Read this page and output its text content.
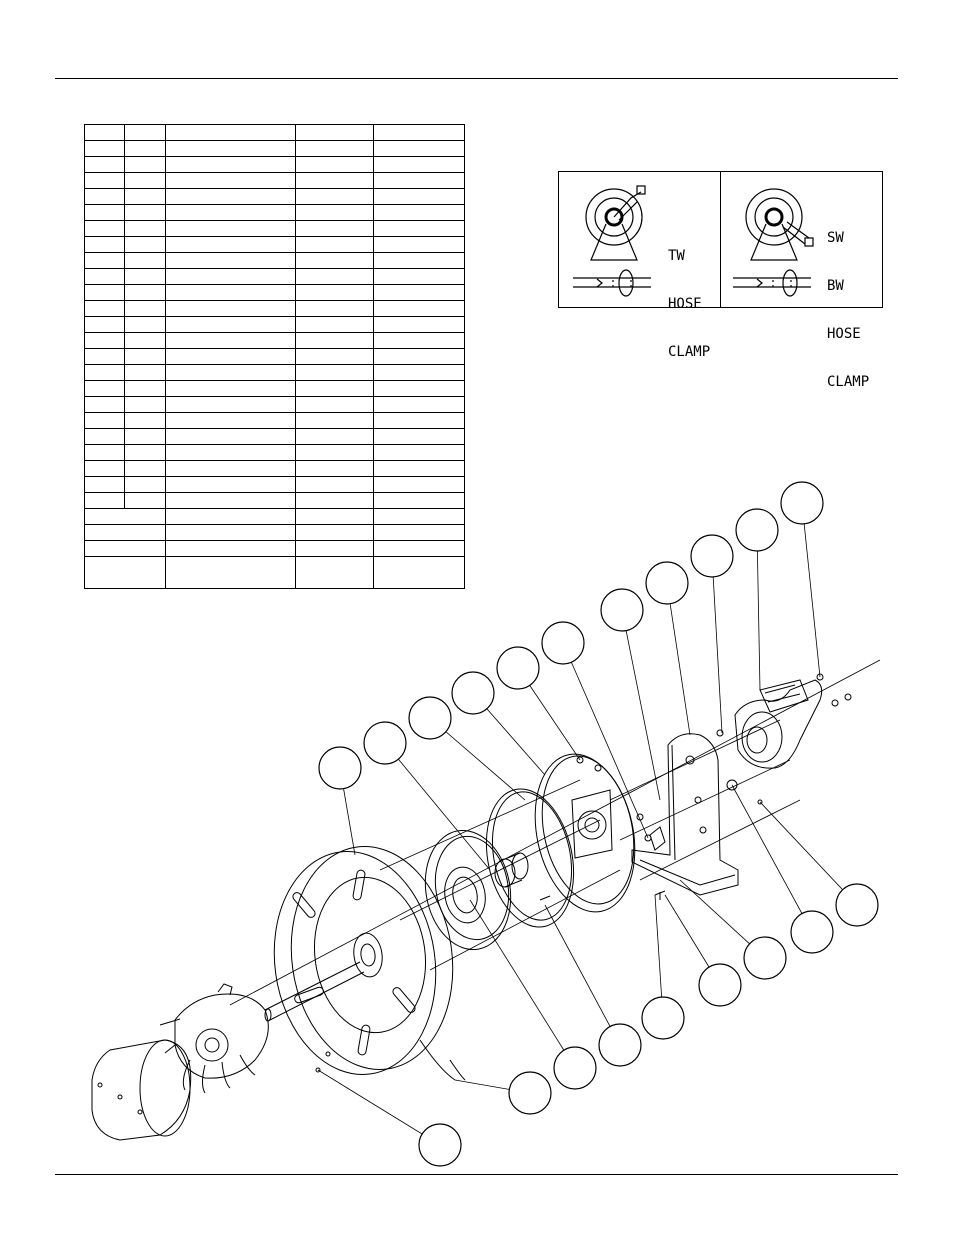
TW

HOSE

CLAMP

SW

BW

HOSE

CLAMP
